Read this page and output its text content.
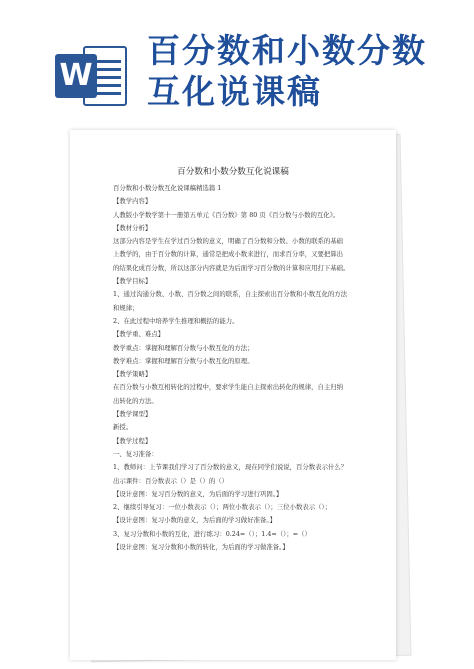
W
百分数和小数分数
互化说课稿
百分数和小数分数互化说课稿

百分数和小数分数互化说课稿精选篇 1

【教学内容】

人教版小学数学第十一册第五单元《百分数》第 80 页《百分数与小数的互化》。

【教材分析】

这部分内容是学生在学过百分数的意义，明确了百分数和分数、小数的联系的基础

上教学的，由于百分数的计算，通常是把成小数来进行，而求百分率，又要把算出

的结果化成百分数，所以这部分内容就是为后面学习百分数的计算和应用打下基础。

【教学目标】

1、通过沟通分数、小数、百分数之间的联系，自主探索出百分数和小数互化的方法

和规律；

2、在此过程中培养学生推理和概括的能力。

【教学重、难点】

教学重点：掌握和理解百分数与小数互化的方法；

教学难点：掌握和理解百分数与小数互化的原理。

【教学策略】

在百分数与小数互相转化的过程中，要求学生能自主探索出转化的规律，自主归纳

出转化的方法。

【教学课型】

新授。

【教学过程】

一、复习准备：

1、教师问：上节课我们学习了百分数的意义，现在同学们说说，百分数表示什么？

出示课件：百分数表示（）是（）的（）

【设计意图：复习百分数的意义，为后面的学习进行巩固。】

2、继续引导复习：一位小数表示（）；两位小数表示（）；三位小数表示（）；

【设计意图：复习小数的意义，为后面的学习做好准备。】

3、复习分数和小数的互化，进行练习：0.24=（）；1.4=（）；=（）

【设计意图：复习分数和小数的转化，为后面的学习做准备。】
